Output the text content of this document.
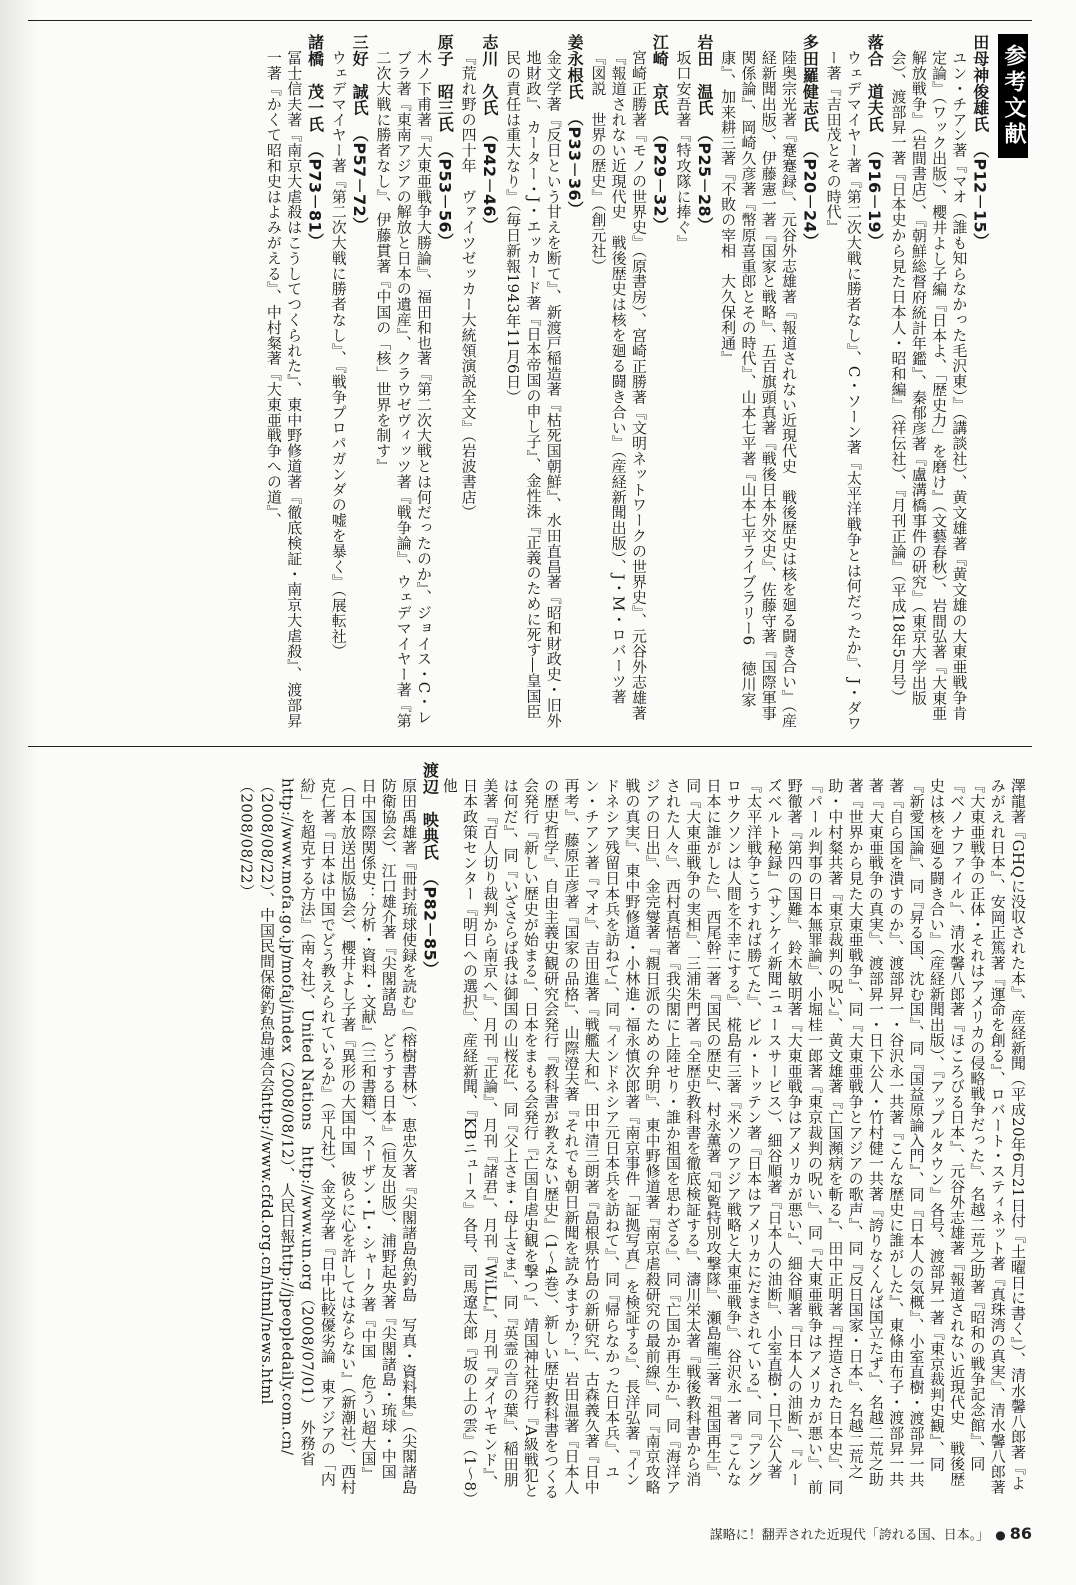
参考文献
田母神俊雄氏（P12－15）
ユン・チアン著『マオ（誰も知らなかった毛沢東）』（講談社）、黄文雄著『黄文雄の大東亜戦争肯定論』（ワック出版）、櫻井よし子編『日本よ、「歴史力」を磨け』（文藝春秋）、岩間弘著『大東亜解放戦争』（岩間書店）、『朝鮮総督府統計年鑑』、秦郁彦著『盧溝橋事件の研究』（東京大学出版会）、渡部昇一著『日本史から見た日本人・昭和編』（祥伝社）、『月刊正論』（平成18年5月号）
落合　道夫氏（P16－19）
ウェデマイヤー著『第二次大戦に勝者なし』、C・ソーン著『太平洋戦争とは何だったか』、J・ダワー著『吉田茂とその時代』
多田羅健志氏（P20－24）
陸奥宗光著『蹇蹇録』、元谷外志雄著『報道されない近現代史　戦後歴史は核を廻る闘き合い』（産経新聞出版）、伊藤憲一著『国家と戦略』、五百旗頭真著『戦後日本外交史』、佐藤守著『国際軍事関係論』、岡崎久彦著『幣原喜重郎とその時代』、山本七平著『山本七平ライブラリー6　徳川家康』、加来耕三著『不敗の宰相　大久保利通』
岩田　温氏（P25－28）
坂口安吾著『特攻隊に捧ぐ』
江崎　京氏（P29－32）
宮崎正勝著『モノの世界史』（原書房）、宮崎正勝著『文明ネットワークの世界史』、元谷外志雄著『報道されない近現代史　戦後歴史は核を廻る闘き合い』（産経新聞出版）、J・M・ロバーツ著『図説　世界の歴史』（創元社）
姜永根氏（P33－36）
金文学著『反日という甘えを断て』、新渡戸稲造著『枯死国朝鮮』、水田直昌著『昭和財政史・旧外地財政』、カーター・J・エッカード著『日本帝国の申し子』、金性洙『正義のために死す―皇国臣民の責任は重大なり』（毎日新報1943年11月6日）
志川　久氏（P42－46）
『荒れ野の四十年　ヴァイツゼッカー大統領演説全文』（岩波書店）
原子　昭三氏（P53－56）
木ノ下甫著『大東亜戦争大勝論』、福田和也著『第二次大戦とは何だったのか』、ジョイス・C・レブラ著『東南アジアの解放と日本の遺産』、クラウゼヴィッツ著『戦争論』、ウェデマイヤー著『第二次大戦に勝者なし』、伊藤貫著『中国の「核」世界を制す』
三好　誠氏（P57－72）
ウェデマイヤー著『第二次大戦に勝者なし』、『戦争プロパガンダの嘘を暴く』（展転社）
諸橋　茂一氏（P73－81）
冨士信夫著『南京大虐殺はこうしてつくられた』、東中野修道著『徹底検証・南京大虐殺』、渡部昇一著『かくて昭和史はよみがえる』、中村粲著『大東亜戦争への道』、
澤龍著『GHQに没収された本』、産経新聞（平成20年6月21日付『土曜日に書く』）、清水馨八郎著『よみがえれ日本』、安岡正篤著『運命を創る』、ロバート・スティネット著『真珠湾の真実』、清水馨八郎著『大東亜戦争の正体・それはアメリカの侵略戦争だった』、名越二荒之助著『昭和の戦争記念館』、同『ベノナファイル』、清水馨八郎著『ほころびる日本』、元谷外志雄著『報道されない近現代史　戦後歴史は核を廻る闘き合い』（産経新聞出版）、『アップルタウン』各号、渡部昇一著『東京裁判史観』、同『新愛国論』、同『昇る国、沈む国』、同『国益原論入門』、同『日本人の気概』、小室直樹・渡部昇一共著『自ら国を潰すのか』、渡部昇一・谷沢永一共著『こんな歴史に誰がした』、東條由布子・渡部昇一共著『大東亜戦争の真実』、渡部昇一・日下公人・竹村健一共著『誇りなくんば国立たず』、名越二荒之助著『世界から見た大東亜戦争』、同『大東亜戦争とアジアの歌声』、同『反日国家・日本』、名越二荒之助・中村粲共著『東京裁判の呪い』、黄文雄著『亡国瀕病を斬る』、田中正明著『捏造された日本史』、同『パール判事の日本無罪論』、小堀桂一郎著『東京裁判の呪い』、同『大東亜戦争はアメリカが悪い』、前野徹著『第四の国難』、鈴木敏明著『大東亜戦争はアメリカが悪い』、細谷順著『日本人の油断』、『ルーズベルト秘録』（サンケイ新聞ニュースサービス）、細谷順著『日本人の油断』、小室直樹・日下公人著『太平洋戦争こうすれば勝てた』、ビル・トッテン著『日本はアメリカにだまされている』、同『アングロサクソンは人間を不幸にする』、椛島有三著『米ソのアジア戦略と大東亜戦争』、谷沢永一著『こんな日本に誰がした』、西尾幹二著『国民の歴史』、村永薫著『知覧特別攻撃隊』、瀬島龍三著『祖国再生』、同『大東亜戦争の実相』、三浦朱門著『全歴史教科書を徹底検証する』、濤川栄太著『戦後教科書から消された人々』、西村真悟著『我尖閣に上陸せり・誰か祖国を思わざる』、同『亡国か再生か』、同『海洋アジアの日出』、金完燮著『親日派のための弁明』、東中野修道著『南京虐殺研究の最前線』、同『南京攻略戦の真実』、東中野修道・小林進・福永慎次郎著『南京事件「証拠写真」を検証する』、長洋弘著『インドネシア残留日本兵を訪ねて』、同『インドネシア元日本兵を訪ねて』、同『帰らなかった日本兵』、ユン・チアン著『マオ』、吉田進著『戦艦大和』、田中清三朗著『島根県竹島の新研究』、古森義久著『日中再考』、藤原正彦著『国家の品格』、山際澄夫著『それでも朝日新聞を読みますか？』、岩田温著『日本人の歴史哲学』、自由主義史観研究会発行『教科書が教えない歴史』（1～4巻）、新しい歴史教科書をつくる会発行『新しい歴史が始まる』、日本をまもる会発行『亡国自虐史観を撃つ』、靖国神社発行『A級戦犯とは何だ』、同『いざさらば我は御国の山桜花』、同『父上さま・母上さま』、同『英霊の言の葉』、稲田朋美著『百人切り裁判から南京へ』、月刊『正論』、月刊『諸君』、月刊『WiLL』、月刊『ダイヤモンド』、日本政策センター『明日への選択』、産経新聞、『KBニュース』各号、司馬遼太郎『坂の上の雲』（1～8）他
渡辺　映典氏（P82－85）
原田禹雄著『冊封琉球使録を読む』（榕樹書林）、恵忠久著『尖閣諸島魚釣島　写真・資料集』（尖閣諸島防衛協会）、江口雄介著『尖閣諸島　どうする日本』（恒友出版）、浦野起央著『尖閣諸島・琉球・中国　日中国際関係史：分析・資料・文献』（三和書籍）、スーザン・L・シャーク著『中国　危うい超大国』（日本放送出版協会）、櫻井よし子著『異形の大国中国　彼らに心を許してはならない』（新潮社）、西村克仁著『日本は中国でどう教えられているか』（平凡社）、金文学著『日中比較優劣論　東アジアの「内紛」を超克する方法』（南々社）、United Nations　http://www.un.org（2008/07/01）　外務省http://www.mofa.go.jp/mofaj/index（2008/08/12）、人民日報http://jpeopledaily.com.cn/（2008/08/22）、中国民間保衛釣魚島連合会http://www.cfdd.org.cn/html/news.html（2008/08/22）
謀略に！翻弄された近現代「誇れる国、日本。」 ● 86
